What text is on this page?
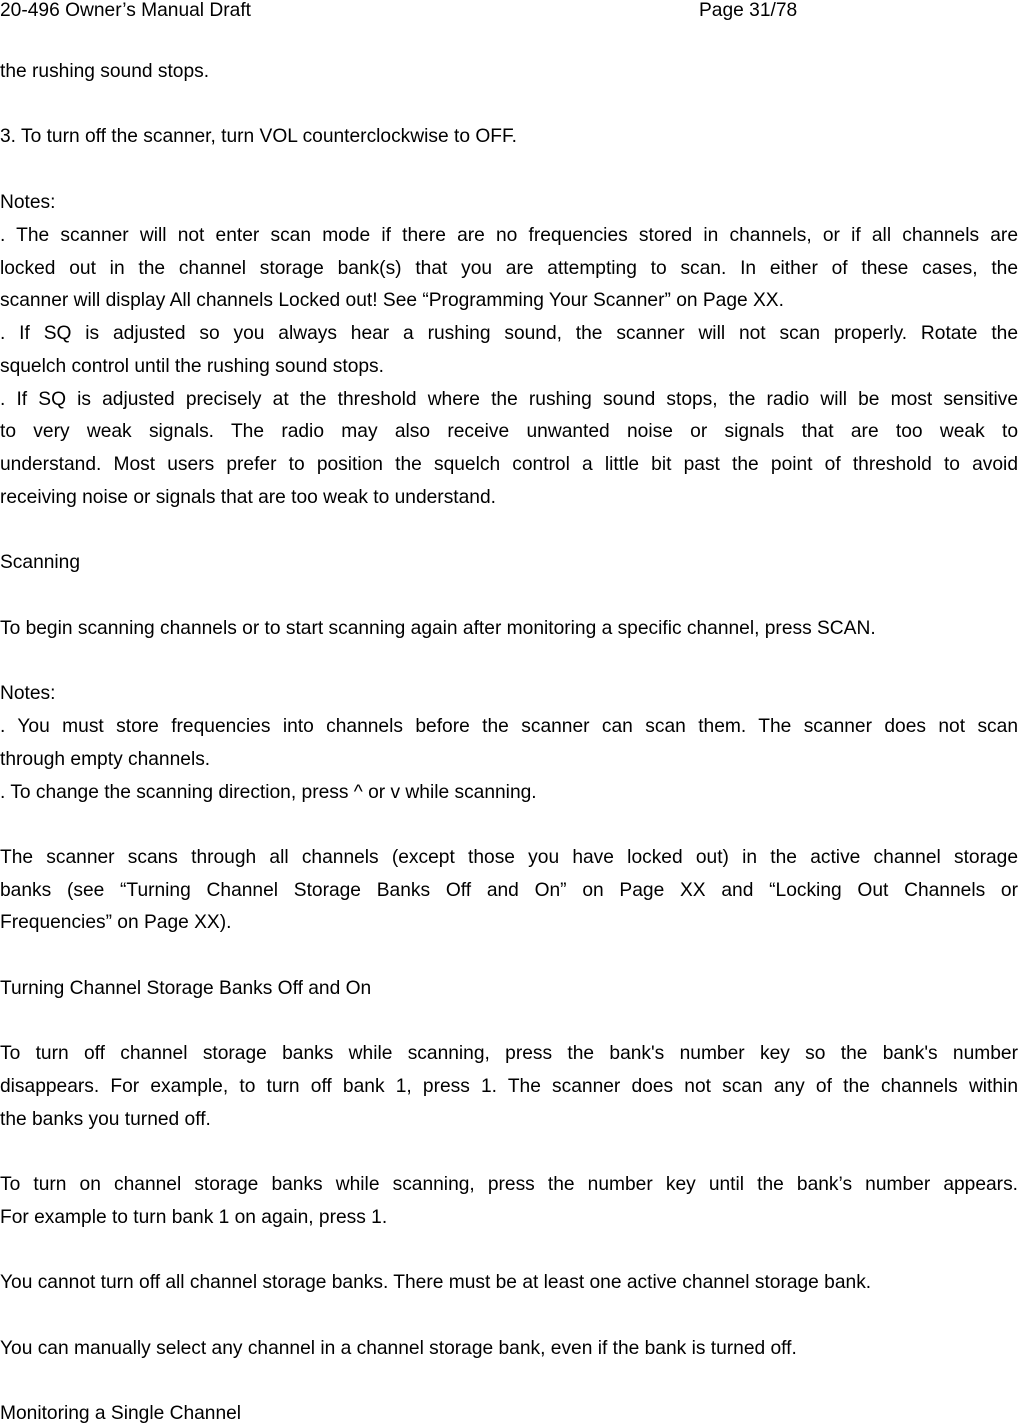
20-496 Owner’s Manual Draft	Page 31/78
the rushing sound stops.
3. To turn off the scanner, turn VOL counterclockwise to OFF.
Notes:
. The scanner will not enter scan mode if there are no frequencies stored in channels, or if all channels are
locked out in the channel storage bank(s) that you are attempting to scan. In either of these cases, the
scanner will display All channels Locked out! See “Programming Your Scanner” on Page XX.
. If SQ is adjusted so you always hear a rushing sound, the scanner will not scan properly. Rotate the
squelch control until the rushing sound stops.
. If SQ is adjusted precisely at the threshold where the rushing sound stops, the radio will be most sensitive
to very weak signals. The radio may also receive unwanted noise or signals that are too weak to
understand. Most users prefer to position the squelch control a little bit past the point of threshold to avoid
receiving noise or signals that are too weak to understand.
Scanning
To begin scanning channels or to start scanning again after monitoring a specific channel, press SCAN.
Notes:
. You must store frequencies into channels before the scanner can scan them. The scanner does not scan
through empty channels.
. To change the scanning direction, press ^ or v while scanning.
The scanner scans through all channels (except those you have locked out) in the active channel storage
banks (see “Turning Channel Storage Banks Off and On” on Page XX and “Locking Out Channels or
Frequencies” on Page XX).
Turning Channel Storage Banks Off and On
To turn off channel storage banks while scanning, press the bank's number key so the bank's number
disappears. For example, to turn off bank 1, press 1. The scanner does not scan any of the channels within
the banks you turned off.
To turn on channel storage banks while scanning, press the number key until the bank’s number appears.
For example to turn bank 1 on again, press 1.
You cannot turn off all channel storage banks. There must be at least one active channel storage bank.
You can manually select any channel in a channel storage bank, even if the bank is turned off.
Monitoring a Single Channel
